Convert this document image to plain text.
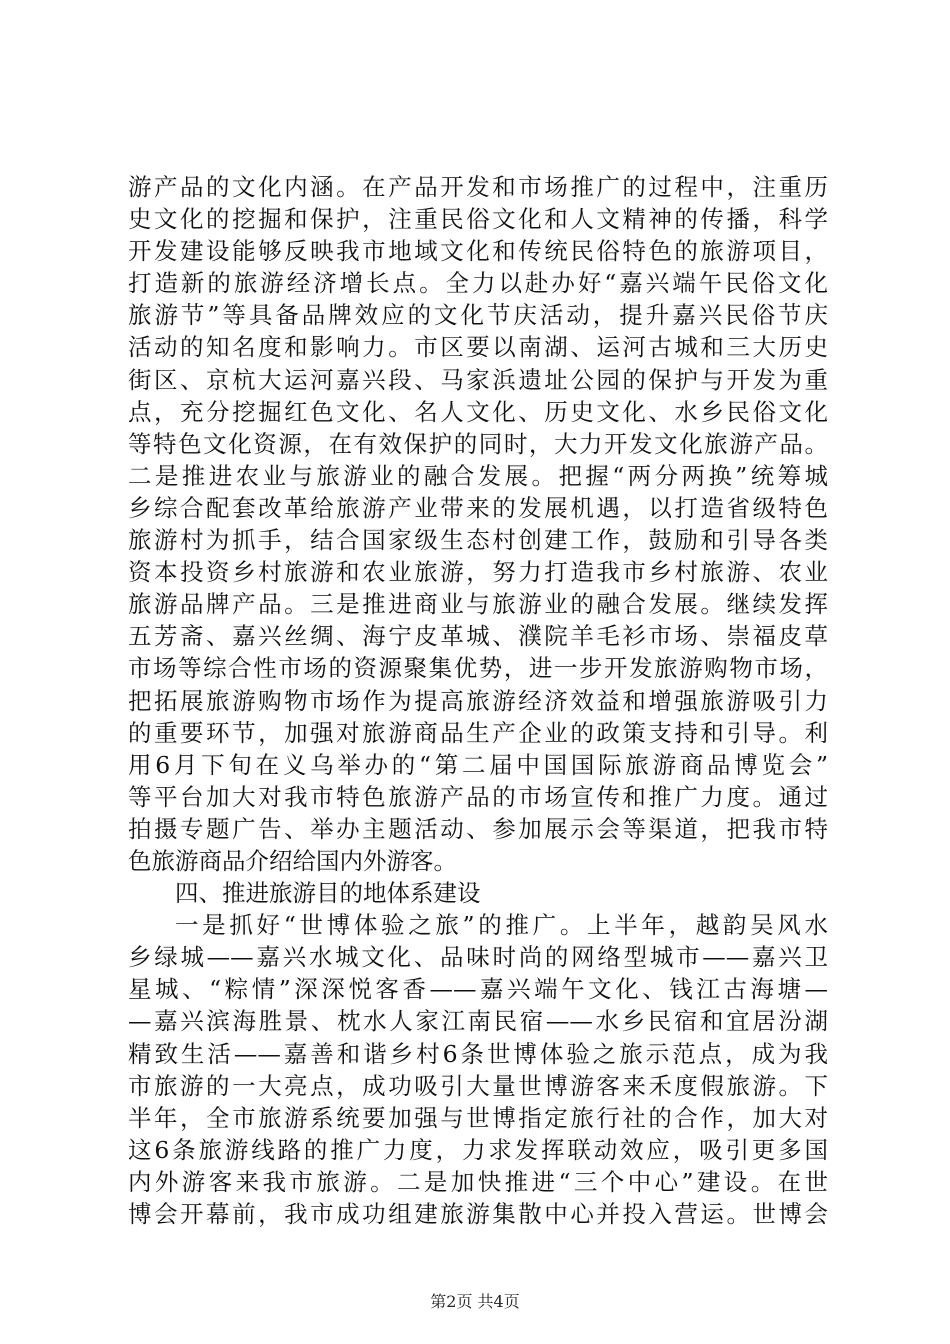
游产品的文化内涵。在产品开发和市场推广的过程中，注重历
史文化的挖掘和保护，注重民俗文化和人文精神的传播，科学
开发建设能够反映我市地域文化和传统民俗特色的旅游项目，
打造新的旅游经济增长点。全力以赴办好“嘉兴端午民俗文化
旅游节”等具备品牌效应的文化节庆活动，提升嘉兴民俗节庆
活动的知名度和影响力。市区要以南湖、运河古城和三大历史
街区、京杭大运河嘉兴段、马家浜遗址公园的保护与开发为重
点，充分挖掘红色文化、名人文化、历史文化、水乡民俗文化
等特色文化资源，在有效保护的同时，大力开发文化旅游产品。
二是推进农业与旅游业的融合发展。把握“两分两换”统筹城
乡综合配套改革给旅游产业带来的发展机遇，以打造省级特色
旅游村为抓手，结合国家级生态村创建工作，鼓励和引导各类
资本投资乡村旅游和农业旅游，努力打造我市乡村旅游、农业
旅游品牌产品。三是推进商业与旅游业的融合发展。继续发挥
五芳斋、嘉兴丝绸、海宁皮革城、濮院羊毛衫市场、崇福皮草
市场等综合性市场的资源聚集优势，进一步开发旅游购物市场，
把拓展旅游购物市场作为提高旅游经济效益和增强旅游吸引力
的重要环节，加强对旅游商品生产企业的政策支持和引导。利
用6月下旬在义乌举办的“第二届中国国际旅游商品博览会”
等平台加大对我市特色旅游产品的市场宣传和推广力度。通过
拍摄专题广告、举办主题活动、参加展示会等渠道，把我市特
色旅游商品介绍给国内外游客。
四、推进旅游目的地体系建设
一是抓好“世博体验之旅”的推广。上半年，越韵吴风水
乡绿城——嘉兴水城文化、品味时尚的网络型城市——嘉兴卫
星城、“粽情”深深悦客香——嘉兴端午文化、钱江古海塘—
—嘉兴滨海胜景、枕水人家江南民宿——水乡民宿和宜居汾湖
精致生活——嘉善和谐乡村6条世博体验之旅示范点，成为我
市旅游的一大亮点，成功吸引大量世博游客来禾度假旅游。下
半年，全市旅游系统要加强与世博指定旅行社的合作，加大对
这6条旅游线路的推广力度，力求发挥联动效应，吸引更多国
内外游客来我市旅游。二是加快推进“三个中心”建设。在世
博会开幕前，我市成功组建旅游集散中心并投入营运。世博会
第2页 共4页
